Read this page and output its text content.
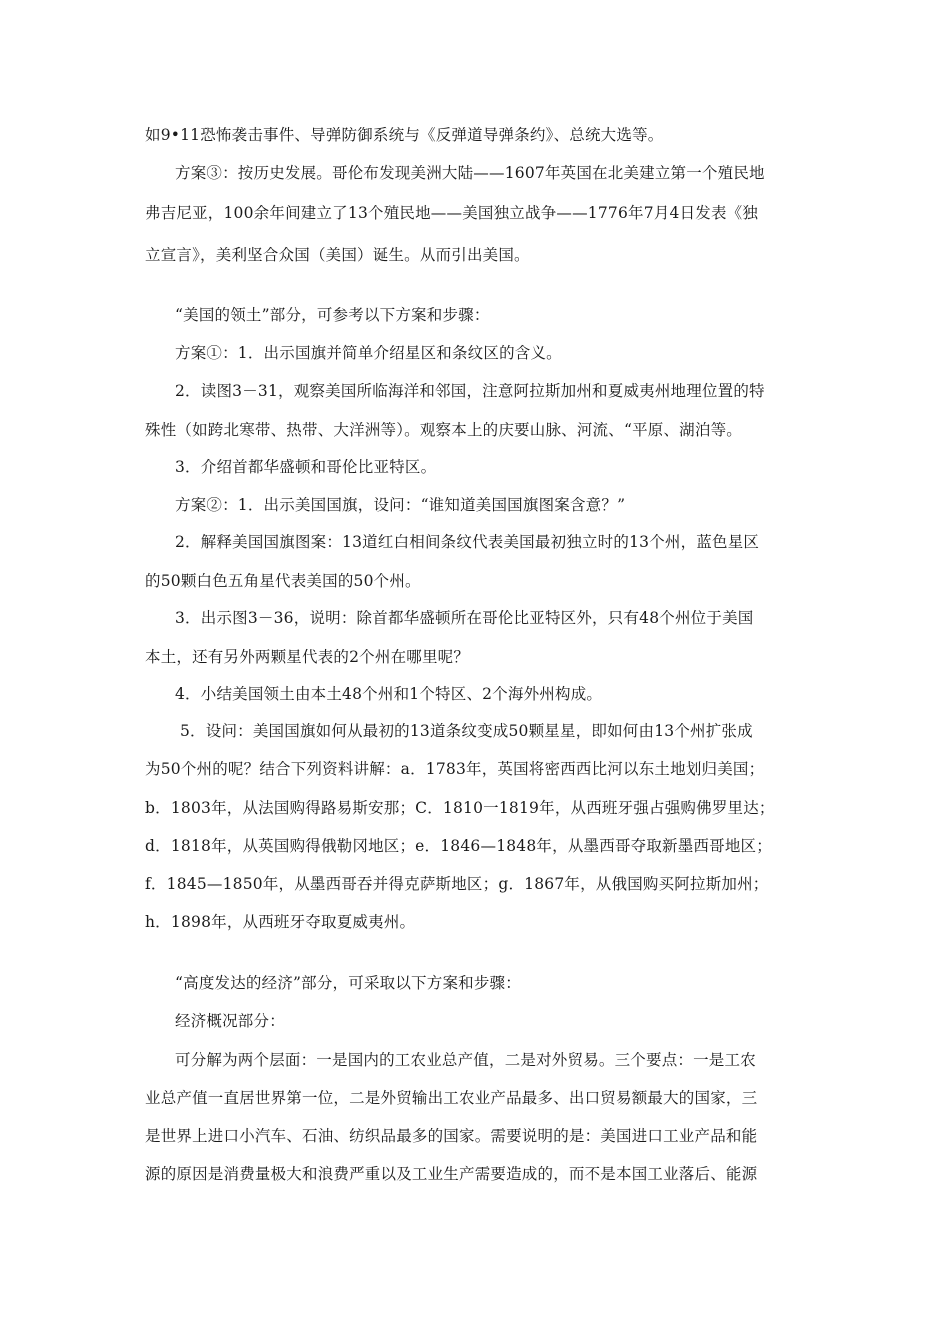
如9•11恐怖袭击事件、导弹防御系统与《反弹道导弹条约》、总统大选等。
方案③：按历史发展。哥伦布发现美洲大陆——1607年英国在北美建立第一个殖民地
弗吉尼亚，100余年间建立了13个殖民地——美国独立战争——1776年7月4日发表《独
立宣言》，美利坚合众国（美国）诞生。从而引出美国。
“美国的领土”部分，可参考以下方案和步骤：
方案①：1．出示国旗并简单介绍星区和条纹区的含义。
2．读图3－31，观察美国所临海洋和邻国，注意阿拉斯加州和夏威夷州地理位置的特
殊性（如跨北寒带、热带、大洋洲等）。观察本上的庆要山脉、河流、“平原、湖泊等。
3．介绍首都华盛顿和哥伦比亚特区。
方案②：1．出示美国国旗，设问：“谁知道美国国旗图案含意？”
2．解释美国国旗图案：13道红白相间条纹代表美国最初独立时的13个州，蓝色星区
的50颗白色五角星代表美国的50个州。
3．出示图3－36，说明：除首都华盛顿所在哥伦比亚特区外，只有48个州位于美国
本土，还有另外两颗星代表的2个州在哪里呢？
4．小结美国领土由本土48个州和1个特区、2个海外州构成。
5．设问：美国国旗如何从最初的13道条纹变成50颗星星，即如何由13个州扩张成
为50个州的呢？结合下列资料讲解：a．1783年，英国将密西西比河以东土地划归美国；
b．1803年，从法国购得路易斯安那；C．1810一1819年，从西班牙强占强购佛罗里达；
d．1818年，从英国购得俄勒冈地区；e．1846—1848年，从墨西哥夺取新墨西哥地区；
f．1845—1850年，从墨西哥吞并得克萨斯地区；g．1867年，从俄国购买阿拉斯加州；
h．1898年，从西班牙夺取夏威夷州。
“高度发达的经济”部分，可采取以下方案和步骤：
经济概况部分：
可分解为两个层面：一是国内的工农业总产值，二是对外贸易。三个要点：一是工农
业总产值一直居世界第一位，二是外贸输出工农业产品最多、出口贸易额最大的国家，三
是世界上进口小汽车、石油、纺织品最多的国家。需要说明的是：美国进口工业产品和能
源的原因是消费量极大和浪费严重以及工业生产需要造成的，而不是本国工业落后、能源
